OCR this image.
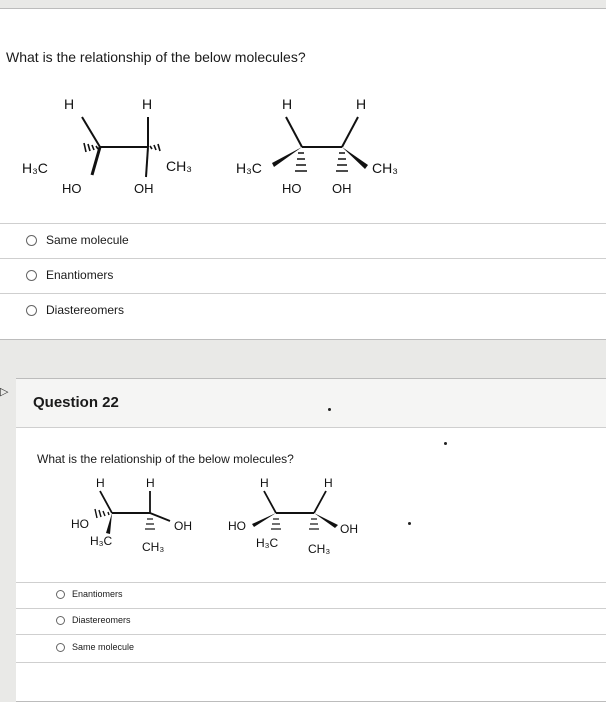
What is the relationship of the below molecules?
H	H
H₃C	CH₃
HO	OH
H	H
H₃C	CH₃
HO OH
Same molecule
Enantiomers
Diastereomers
▷
Question 22
What is the relationship of the below molecules?
H	H
HO	OH
H₃C CH₃
H	H
HO	OH
H₃C CH₃
Enantiomers
Diastereomers
Same molecule
